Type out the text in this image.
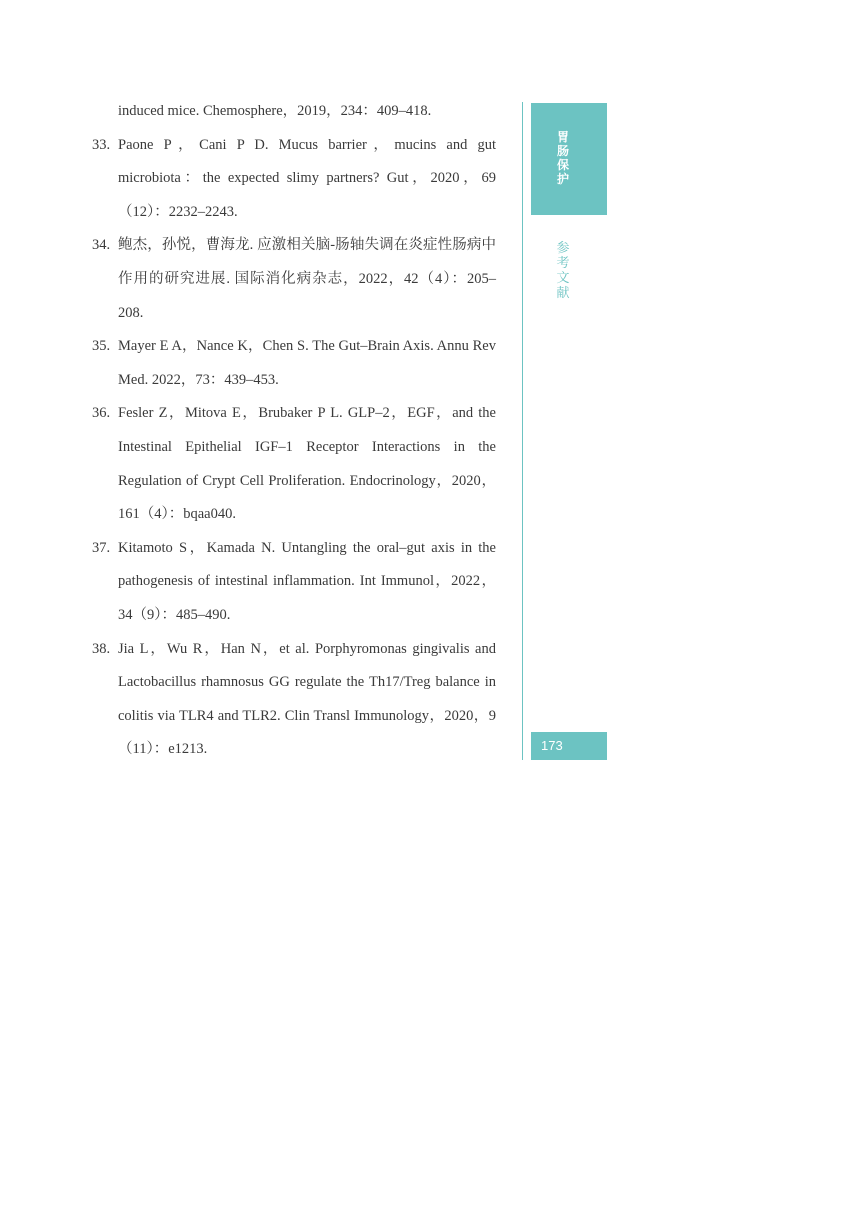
induced mice. Chemosphere，2019，234：409–418.
33. Paone P，Cani P D. Mucus barrier，mucins and gut microbiota：the expected slimy partners? Gut，2020，69（12）：2232–2243.
34. 鲍杰，孙悦，曹海龙. 应激相关脑-肠轴失调在炎症性肠病中作用的研究进展. 国际消化病杂志，2022，42（4）：205–208.
35. Mayer E A，Nance K，Chen S. The Gut–Brain Axis. Annu Rev Med. 2022，73：439–453.
36. Fesler Z，Mitova E，Brubaker P L. GLP–2，EGF，and the Intestinal Epithelial IGF–1 Receptor Interactions in the Regulation of Crypt Cell Proliferation. Endocrinology，2020，161（4）：bqaa040.
37. Kitamoto S，Kamada N. Untangling the oral–gut axis in the pathogenesis of intestinal inflammation. Int Immunol，2022，34（9）：485–490.
38. Jia L，Wu R，Han N，et al. Porphyromonas gingivalis and Lactobacillus rhamnosus GG regulate the Th17/Treg balance in colitis via TLR4 and TLR2. Clin Transl Immunology，2020，9（11）：e1213.
胃肠保护
参考文献
173
